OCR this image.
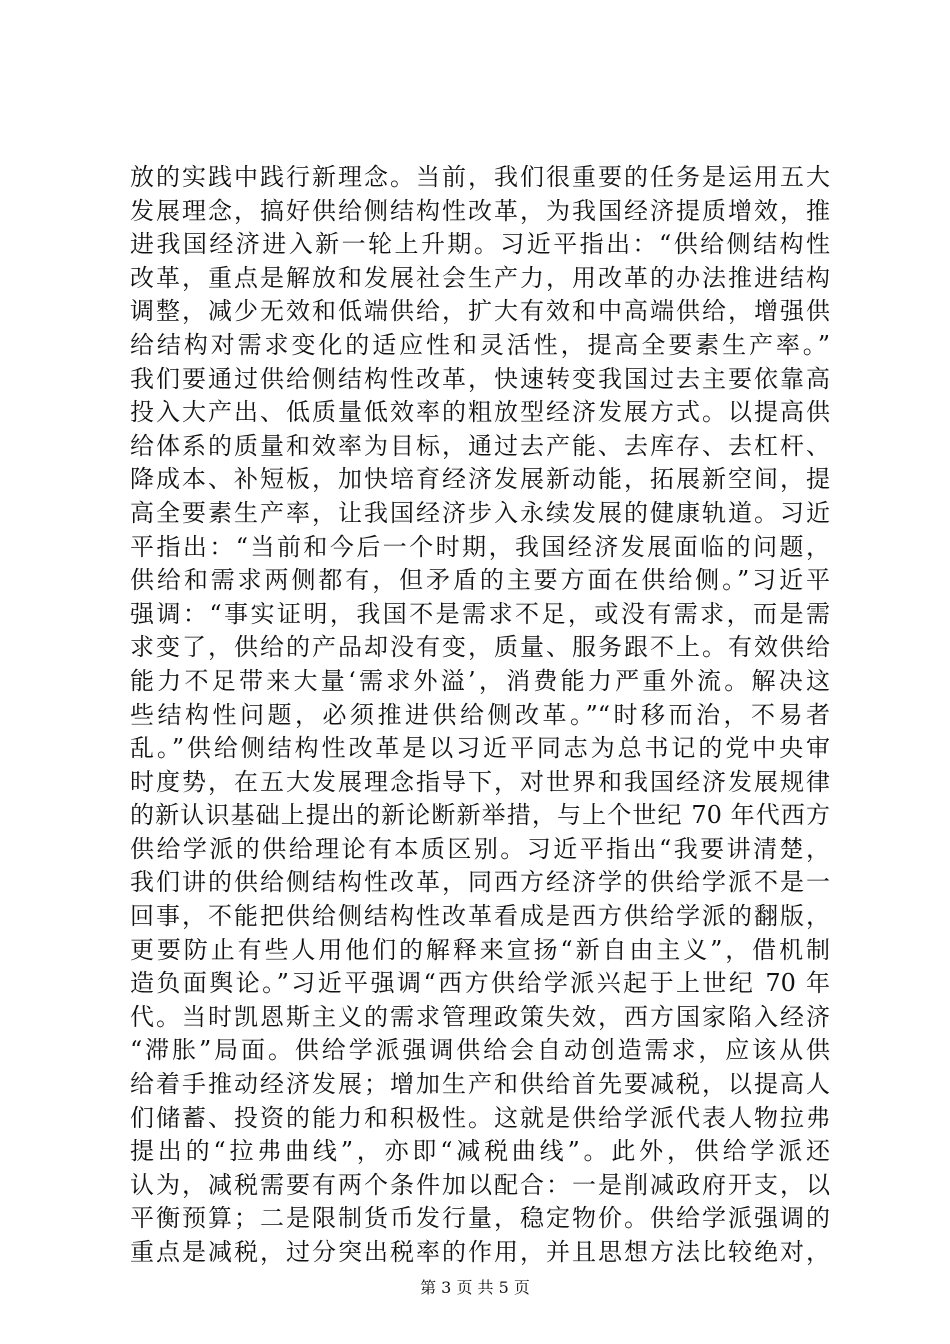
放的实践中践行新理念。当前，我们很重要的任务是运用五大
发展理念，搞好供给侧结构性改革，为我国经济提质增效，推
进我国经济进入新一轮上升期。习近平指出：“供给侧结构性
改革，重点是解放和发展社会生产力，用改革的办法推进结构
调整，减少无效和低端供给，扩大有效和中高端供给，增强供
给结构对需求变化的适应性和灵活性，提高全要素生产率。”
我们要通过供给侧结构性改革，快速转变我国过去主要依靠高
投入大产出、低质量低效率的粗放型经济发展方式。以提高供
给体系的质量和效率为目标，通过去产能、去库存、去杠杆、
降成本、补短板，加快培育经济发展新动能，拓展新空间，提
高全要素生产率，让我国经济步入永续发展的健康轨道。习近
平指出：“当前和今后一个时期，我国经济发展面临的问题，
供给和需求两侧都有，但矛盾的主要方面在供给侧。”习近平
强调：“事实证明，我国不是需求不足，或没有需求，而是需
求变了，供给的产品却没有变，质量、服务跟不上。有效供给
能力不足带来大量‘需求外溢’，消费能力严重外流。解决这
些结构性问题，必须推进供给侧改革。”“时移而治，不易者
乱。”供给侧结构性改革是以习近平同志为总书记的党中央审
时度势，在五大发展理念指导下，对世界和我国经济发展规律
的新认识基础上提出的新论断新举措，与上个世纪 70 年代西方
供给学派的供给理论有本质区别。习近平指出“我要讲清楚，
我们讲的供给侧结构性改革，同西方经济学的供给学派不是一
回事，不能把供给侧结构性改革看成是西方供给学派的翻版，
更要防止有些人用他们的解释来宣扬“新自由主义”，借机制
造负面舆论。”习近平强调“西方供给学派兴起于上世纪 70 年
代。当时凯恩斯主义的需求管理政策失效，西方国家陷入经济
“滞胀”局面。供给学派强调供给会自动创造需求，应该从供
给着手推动经济发展；增加生产和供给首先要减税，以提高人
们储蓄、投资的能力和积极性。这就是供给学派代表人物拉弗
提出的“拉弗曲线”，亦即“减税曲线”。此外，供给学派还
认为，减税需要有两个条件加以配合：一是削减政府开支，以
平衡预算；二是限制货币发行量，稳定物价。供给学派强调的
重点是减税，过分突出税率的作用，并且思想方法比较绝对，
第 3 页 共 5 页
